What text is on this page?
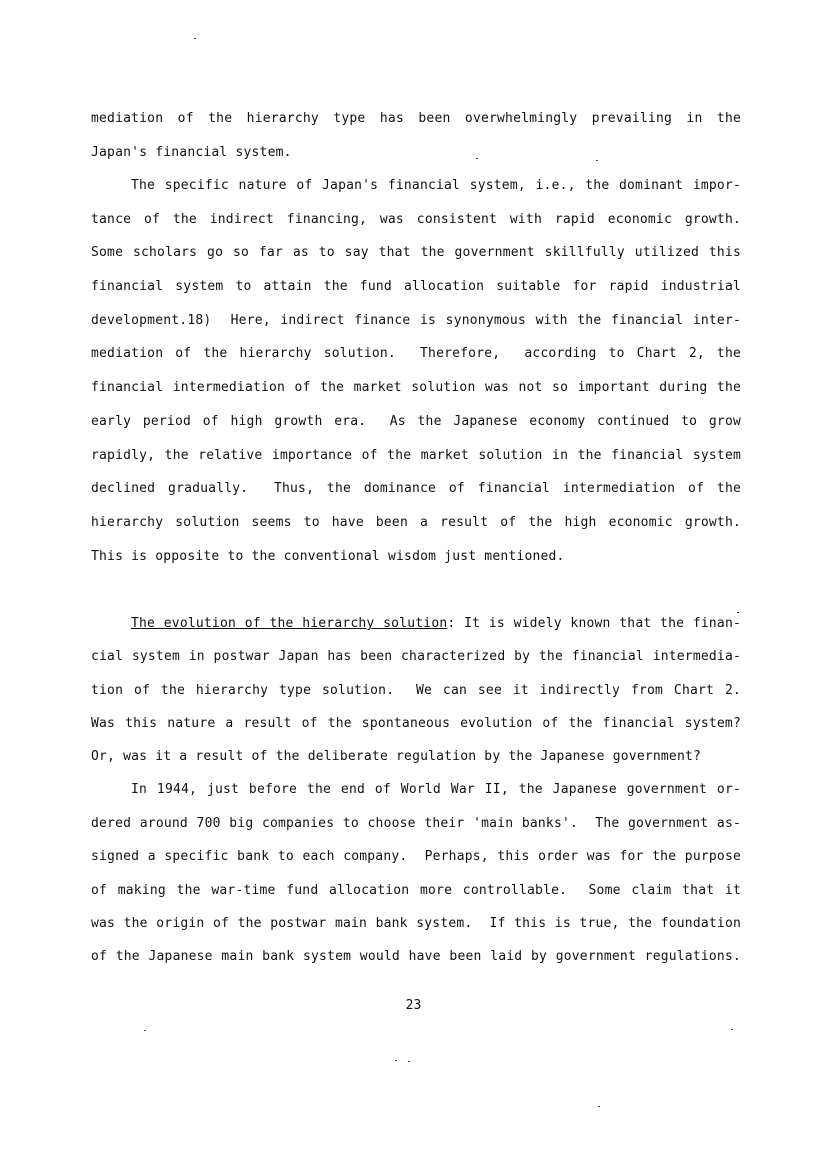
mediation of the hierarchy type has been overwhelmingly prevailing in the
Japan's financial system.
The specific nature of Japan's financial system, i.e., the dominant impor-
tance of the indirect financing, was consistent with rapid economic growth.
Some scholars go so far as to say that the government skillfully utilized this
financial system to attain the fund allocation suitable for rapid industrial
development.18)  Here, indirect finance is synonymous with the financial inter-
mediation of the hierarchy solution.  Therefore,  according to Chart 2, the
financial intermediation of the market solution was not so important during the
early period of high growth era.  As the Japanese economy continued to grow
rapidly, the relative importance of the market solution in the financial system
declined gradually.  Thus, the dominance of financial intermediation of the
hierarchy solution seems to have been a result of the high economic growth.
This is opposite to the conventional wisdom just mentioned.
The evolution of the hierarchy solution: It is widely known that the finan-
cial system in postwar Japan has been characterized by the financial intermedia-
tion of the hierarchy type solution.  We can see it indirectly from Chart 2.
Was this nature a result of the spontaneous evolution of the financial system?
Or, was it a result of the deliberate regulation by the Japanese government?
In 1944, just before the end of World War II, the Japanese government or-
dered around 700 big companies to choose their 'main banks'.  The government as-
signed a specific bank to each company.  Perhaps, this order was for the purpose
of making the war-time fund allocation more controllable.  Some claim that it
was the origin of the postwar main bank system.  If this is true, the foundation
of the Japanese main bank system would have been laid by government regulations.
23
